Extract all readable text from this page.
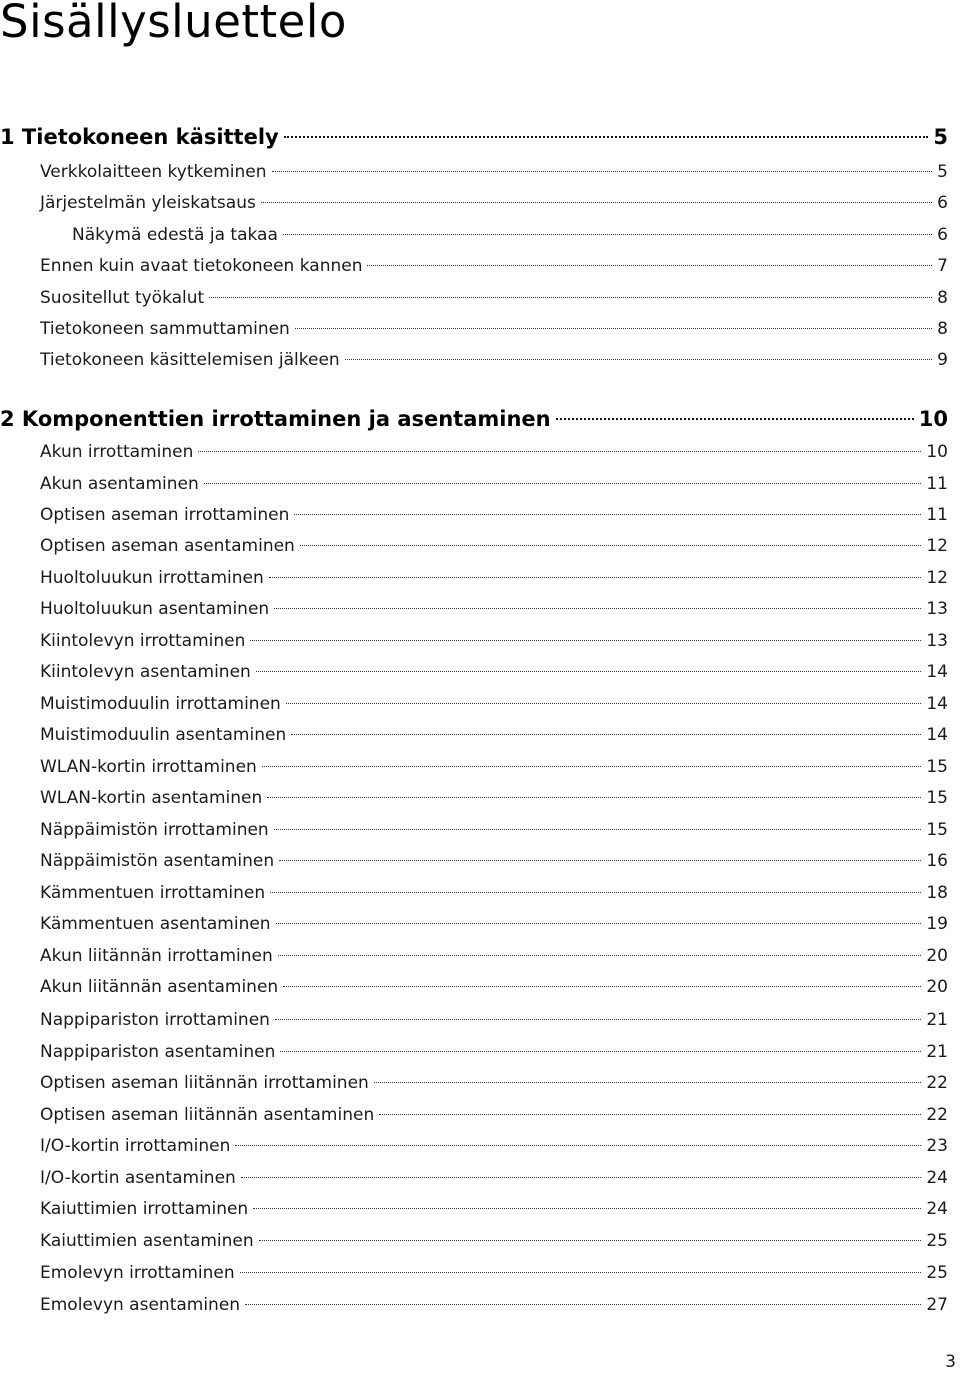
Sisällysluettelo
1 Tietokoneen käsittely	5
Verkkolaitteen kytkeminen	5
Järjestelmän yleiskatsaus	6
Näkymä edestä ja takaa	6
Ennen kuin avaat tietokoneen kannen	7
Suositellut työkalut	8
Tietokoneen sammuttaminen	8
Tietokoneen käsittelemisen jälkeen	9
2 Komponenttien irrottaminen ja asentaminen	10
Akun irrottaminen	10
Akun asentaminen	11
Optisen aseman irrottaminen	11
Optisen aseman asentaminen	12
Huoltoluukun irrottaminen	12
Huoltoluukun asentaminen	13
Kiintolevyn irrottaminen	13
Kiintolevyn asentaminen	14
Muistimoduulin irrottaminen	14
Muistimoduulin asentaminen	14
WLAN-kortin irrottaminen	15
WLAN-kortin asentaminen	15
Näppäimistön irrottaminen	15
Näppäimistön asentaminen	16
Kämmentuen irrottaminen	18
Kämmentuen asentaminen	19
Akun liitännän irrottaminen	20
Akun liitännän asentaminen	20
Nappipariston irrottaminen	21
Nappipariston asentaminen	21
Optisen aseman liitännän irrottaminen	22
Optisen aseman liitännän asentaminen	22
I/O-kortin irrottaminen	23
I/O-kortin asentaminen	24
Kaiuttimien irrottaminen	24
Kaiuttimien asentaminen	25
Emolevyn irrottaminen	25
Emolevyn asentaminen	27
3
